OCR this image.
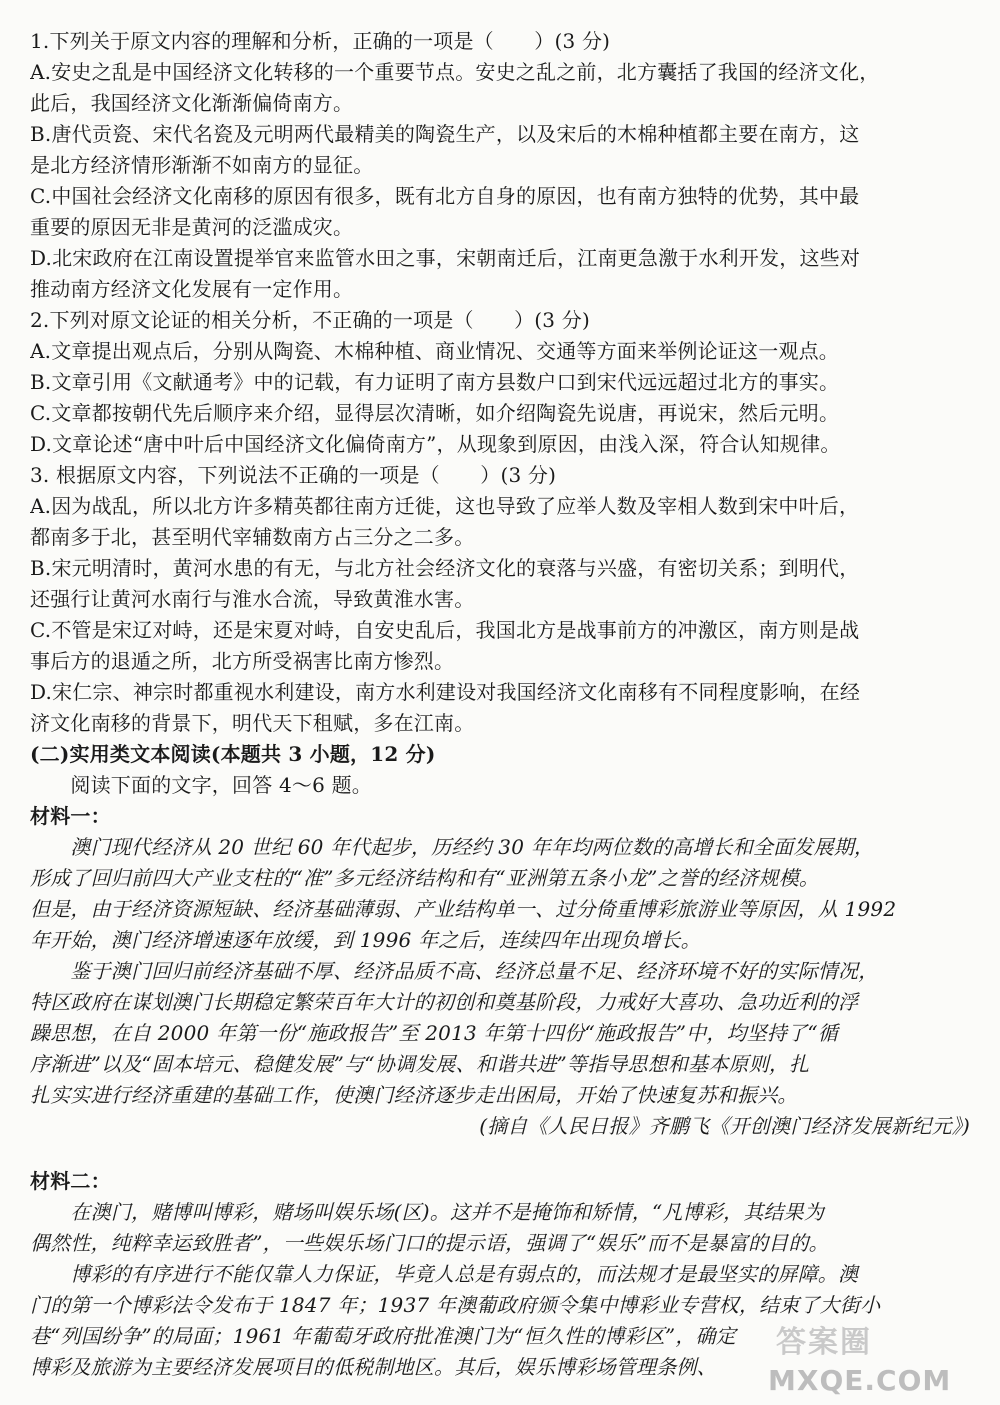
1.下列关于原文内容的理解和分析，正确的一项是（　　）(3 分)
A.安史之乱是中国经济文化转移的一个重要节点。安史之乱之前，北方囊括了我国的经济文化，
此后，我国经济文化渐渐偏倚南方。
B.唐代贡瓷、宋代名瓷及元明两代最精美的陶瓷生产，以及宋后的木棉种植都主要在南方，这
是北方经济情形渐渐不如南方的显征。
C.中国社会经济文化南移的原因有很多，既有北方自身的原因，也有南方独特的优势，其中最
重要的原因无非是黄河的泛滥成灾。
D.北宋政府在江南设置提举官来监管水田之事，宋朝南迁后，江南更急激于水利开发，这些对
推动南方经济文化发展有一定作用。
2.下列对原文论证的相关分析，不正确的一项是（　　）(3 分)
A.文章提出观点后，分别从陶瓷、木棉种植、商业情况、交通等方面来举例论证这一观点。
B.文章引用《文献通考》中的记载，有力证明了南方县数户口到宋代远远超过北方的事实。
C.文章都按朝代先后顺序来介绍，显得层次清晰，如介绍陶瓷先说唐，再说宋，然后元明。
D.文章论述“唐中叶后中国经济文化偏倚南方”，从现象到原因，由浅入深，符合认知规律。
3. 根据原文内容，下列说法不正确的一项是（　　）(3 分)
A.因为战乱，所以北方许多精英都往南方迁徙，这也导致了应举人数及宰相人数到宋中叶后，
都南多于北，甚至明代宰辅数南方占三分之二多。
B.宋元明清时，黄河水患的有无，与北方社会经济文化的衰落与兴盛，有密切关系；到明代，
还强行让黄河水南行与淮水合流，导致黄淮水害。
C.不管是宋辽对峙，还是宋夏对峙，自安史乱后，我国北方是战事前方的冲激区，南方则是战
事后方的退遁之所，北方所受祸害比南方惨烈。
D.宋仁宗、神宗时都重视水利建设，南方水利建设对我国经济文化南移有不同程度影响，在经
济文化南移的背景下，明代天下租赋，多在江南。
(二)实用类文本阅读(本题共 3 小题，12 分)
　　阅读下面的文字，回答 4～6 题。
材料一：
　　澳门现代经济从 20 世纪 60 年代起步，历经约 30 年年均两位数的高增长和全面发展期，
形成了回归前四大产业支柱的“准”多元经济结构和有“亚洲第五条小龙”之誉的经济规模。
但是，由于经济资源短缺、经济基础薄弱、产业结构单一、过分倚重博彩旅游业等原因，从 1992
年开始，澳门经济增速逐年放缓，到 1996 年之后，连续四年出现负增长。
　　鉴于澳门回归前经济基础不厚、经济品质不高、经济总量不足、经济环境不好的实际情况，
特区政府在谋划澳门长期稳定繁荣百年大计的初创和奠基阶段，力戒好大喜功、急功近利的浮
躁思想，在自 2000 年第一份“施政报告”至 2013 年第十四份“施政报告”中，均坚持了“循
序渐进”以及“固本培元、稳健发展”与“协调发展、和谐共进”等指导思想和基本原则，扎
扎实实进行经济重建的基础工作，使澳门经济逐步走出困局，开始了快速复苏和振兴。
(摘自《人民日报》齐鹏飞《开创澳门经济发展新纪元》)
材料二：
　　在澳门，赌博叫博彩，赌场叫娱乐场(区)。这并不是掩饰和矫情，“凡博彩，其结果为
偶然性，纯粹幸运致胜者”，一些娱乐场门口的提示语，强调了“娱乐”而不是暴富的目的。
　　博彩的有序进行不能仅靠人力保证，毕竟人总是有弱点的，而法规才是最坚实的屏障。澳
门的第一个博彩法令发布于 1847 年；1937 年澳葡政府颁令集中博彩业专营权，结束了大街小
巷“列国纷争”的局面；1961 年葡萄牙政府批准澳门为“恒久性的博彩区”，确定
博彩及旅游为主要经济发展项目的低税制地区。其后，娱乐博彩场管理条例、
答案圈
MXQE.COM
